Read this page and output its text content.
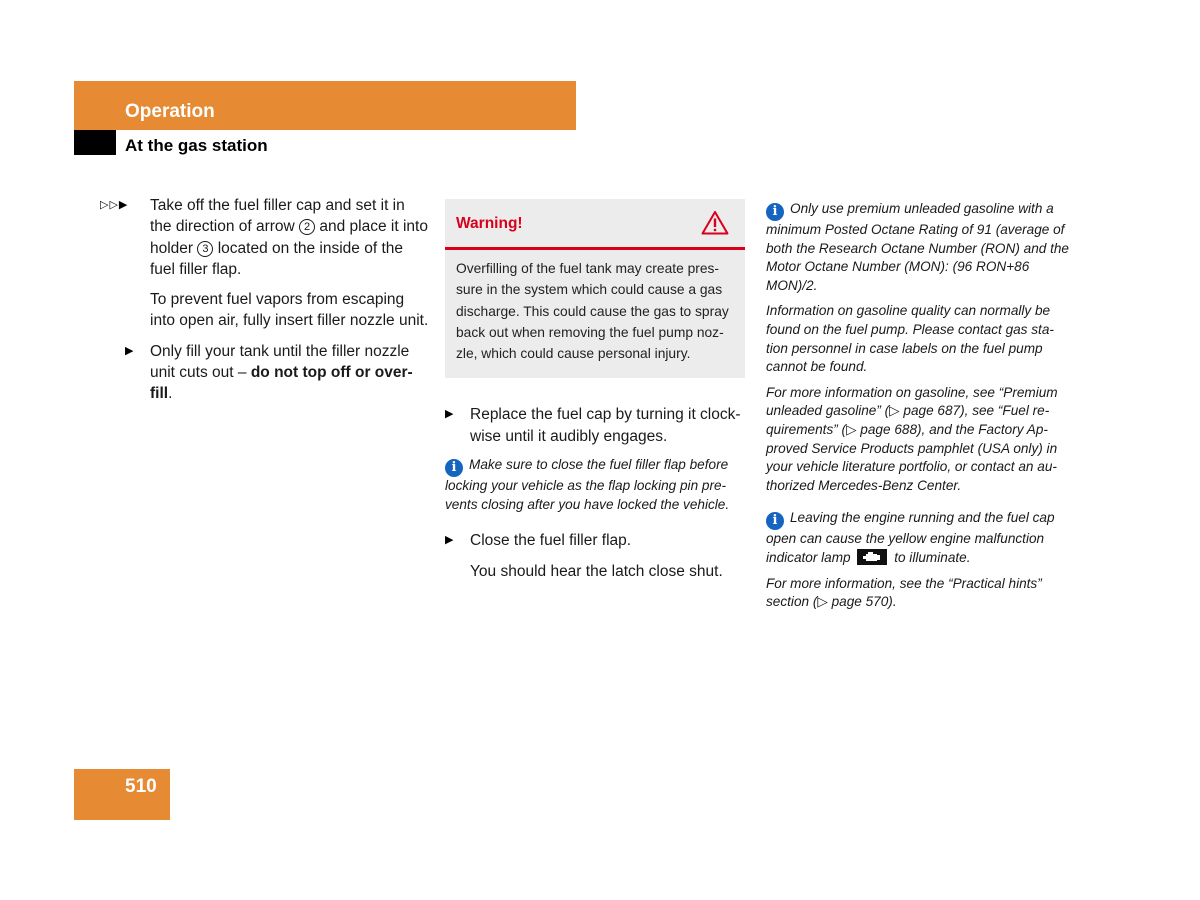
Operation
At the gas station

▷▷▶ Take off the fuel filler cap and set it in the direction of arrow 2 and place it into holder 3 located on the inside of the fuel filler flap.

To prevent fuel vapors from escaping into open air, fully insert filler nozzle unit.

▶ Only fill your tank until the filler nozzle unit cuts out – do not top off or over-fill.

Warning!
Overfilling of the fuel tank may create pres-sure in the system which could cause a gas discharge. This could cause the gas to spray back out when removing the fuel pump noz-zle, which could cause personal injury.

▶ Replace the fuel cap by turning it clock-wise until it audibly engages.

i Make sure to close the fuel filler flap before locking your vehicle as the flap locking pin pre-vents closing after you have locked the vehicle.

▶ Close the fuel filler flap.

You should hear the latch close shut.

i Only use premium unleaded gasoline with a minimum Posted Octane Rating of 91 (average of both the Research Octane Number (RON) and the Motor Octane Number (MON): (96 RON+86 MON)/2.

Information on gasoline quality can normally be found on the fuel pump. Please contact gas sta-tion personnel in case labels on the fuel pump cannot be found.

For more information on gasoline, see “Premium unleaded gasoline” (▷ page 687), see “Fuel re-quirements” (▷ page 688), and the Factory Ap-proved Service Products pamphlet (USA only) in your vehicle literature portfolio, or contact an au-thorized Mercedes-Benz Center.

i Leaving the engine running and the fuel cap open can cause the yellow engine malfunction indicator lamp	to illuminate.

For more information, see the “Practical hints” section (▷ page 570).

510
